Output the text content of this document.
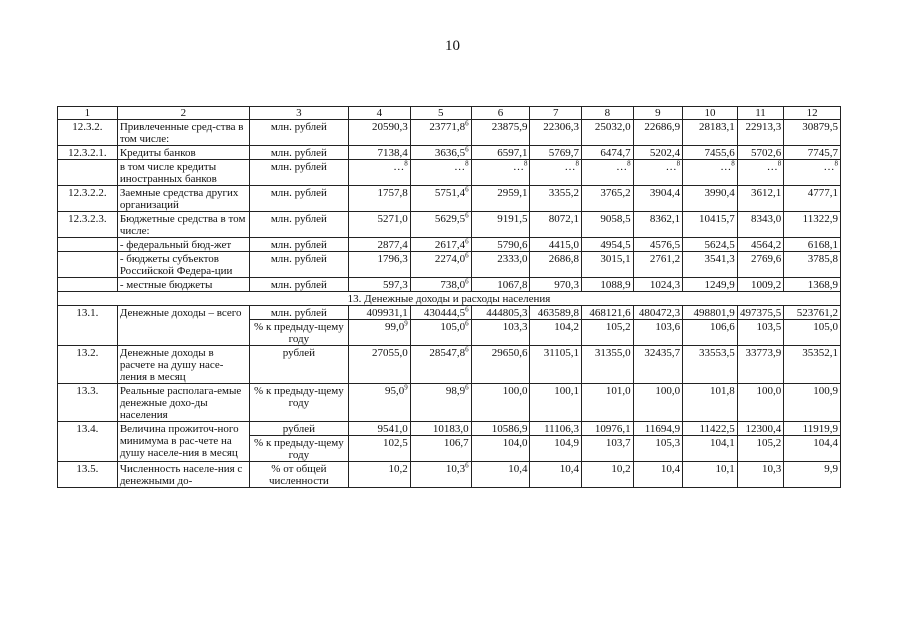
10
1	2	3	4	5	6	7	8	9	10	11	12
12.3.2.	Привлеченные сред-ства в том числе:	млн. рублей	20590,3	23771,8$^6$	23875,9	22306,3	25032,0	22686,9	28183,1	22913,3	30879,5
12.3.2.1.	Кредиты банков	млн. рублей	7138,4	3636,5$^6$	6597,1	5769,7	6474,7	5202,4	7455,6	5702,6	7745,7
	в том числе кредиты иностранных банков	млн. рублей	…$^8$	…$^8$	…$^8$	…$^8$	…$^8$	…$^8$	…$^8$	…$^8$	…$^8$
12.3.2.2.	Заемные средства других организаций	млн. рублей	1757,8	5751,4$^6$	2959,1	3355,2	3765,2	3904,4	3990,4	3612,1	4777,1
12.3.2.3.	Бюджетные средства в том числе:	млн. рублей	5271,0	5629,5$^6$	9191,5	8072,1	9058,5	8362,1	10415,7	8343,0	11322,9
	- федеральный бюд-жет	млн. рублей	2877,4	2617,4$^6$	5790,6	4415,0	4954,5	4576,5	5624,5	4564,2	6168,1
	- бюджеты субъектов Российской Федера-ции	млн. рублей	1796,3	2274,0$^6$	2333,0	2686,8	3015,1	2761,2	3541,3	2769,6	3785,8
	- местные бюджеты	млн. рублей	597,3	738,0$^6$	1067,8	970,3	1088,9	1024,3	1249,9	1009,2	1368,9
13. Денежные доходы и расходы населения											
13.1.	Денежные доходы – всего	млн. рублей	409931,1	430444,5$^6$	444805,3	463589,8	468121,6	480472,3	498801,9	497375,5	523761,2
		% к предыду-щему году	99,0$^9$	105,0$^6$	103,3	104,2	105,2	103,6	106,6	103,5	105,0
13.2.	Денежные доходы в расчете на душу насе-ления в месяц	рублей	27055,0	28547,8$^6$	29650,6	31105,1	31355,0	32435,7	33553,5	33773,9	35352,1
13.3.	Реальные располага-емые денежные дохо-ды населения	% к предыду-щему году	95,0$^9$	98,9$^6$	100,0	100,1	101,0	100,0	101,8	100,0	100,9
13.4.	Величина прожиточ-ного минимума в рас-чете на душу населе-ния в месяц	рублей	9541,0	10183,0	10586,9	11106,3	10976,1	11694,9	11422,5	12300,4	11919,9
		% к предыду-щему году	102,5	106,7	104,0	104,9	103,7	105,3	104,1	105,2	104,4
13.5.	Численность населе-ния с денежными до-	% от общей численности	10,2	10,3$^6$	10,4	10,4	10,2	10,4	10,1	10,3	9,9
